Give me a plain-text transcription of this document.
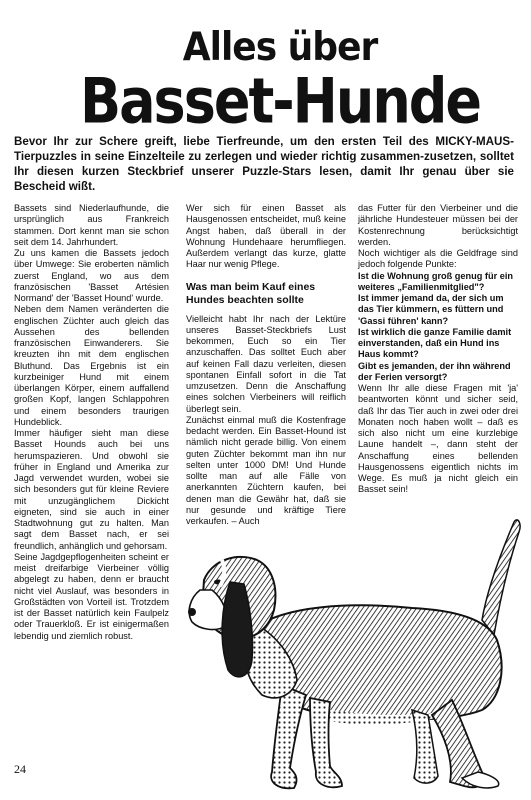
Alles über
Basset-Hunde
Bevor Ihr zur Schere greift, liebe Tierfreunde, um den ersten Teil des MICKY-MAUS-Tierpuzzles in seine Einzelteile zu zerlegen und wieder richtig zusammen-zusetzen, solltet Ihr diesen kurzen Steckbrief unserer Puzzle-Stars lesen, damit Ihr genau über sie Bescheid wißt.

Bassets sind Niederlaufhunde, die ursprünglich aus Frankreich stammen. Dort kennt man sie schon seit dem 14. Jahrhundert.

Zu uns kamen die Bassets jedoch über Umwege: Sie eroberten nämlich zuerst England, wo aus dem französischen 'Basset Artésien Normand' der 'Basset Hound' wurde.

Neben dem Namen veränderten die englischen Züchter auch gleich das Aussehen des bellenden französischen Einwanderers. Sie kreuzten ihn mit dem englischen Bluthund. Das Ergebnis ist ein kurzbeiniger Hund mit einem überlangen Körper, einem auffallend großen Kopf, langen Schlappohren und einem besonders traurigen Hundeblick.

Immer häufiger sieht man diese Basset Hounds auch bei uns herumspazieren. Und obwohl sie früher in England und Amerika zur Jagd verwendet wurden, wobei sie sich besonders gut für kleine Reviere mit unzugänglichem Dickicht eigneten, sind sie auch in einer Stadtwohnung gut zu halten. Man sagt dem Basset nach, er sei freundlich, anhänglich und gehorsam.

Seine Jagdgepflogenheiten scheint er meist dreifarbige Vierbeiner völlig abgelegt zu haben, denn er braucht nicht viel Auslauf, was besonders in Großstädten von Vorteil ist. Trotzdem ist der Basset natürlich kein Faulpelz oder Trauerkloß. Er ist einigermaßen lebendig und ziemlich robust.

Wer sich für einen Basset als Hausgenossen entscheidet, muß keine Angst haben, daß überall in der Wohnung Hundehaare herumfliegen. Außerdem verlangt das kurze, glatte Haar nur wenig Pflege.

Was man beim Kauf eines Hundes beachten sollte

Vielleicht habt Ihr nach der Lektüre unseres Basset-Steckbriefs Lust bekommen, Euch so ein Tier anzuschaffen. Das solltet Euch aber auf keinen Fall dazu verleiten, diesen spontanen Einfall sofort in die Tat umzusetzen. Denn die Anschaffung eines solchen Vierbeiners will reiflich überlegt sein.

Zunächst einmal muß die Kostenfrage bedacht werden. Ein Basset-Hound ist nämlich nicht gerade billig. Von einem guten Züchter bekommt man ihn nur selten unter 1000 DM! Und Hunde sollte man auf alle Fälle von anerkannten Züchtern kaufen, bei denen man die Gewähr hat, daß sie nur gesunde und kräftige Tiere verkaufen. – Auch

das Futter für den Vierbeiner und die jährliche Hundesteuer müssen bei der Kostenrechnung berücksichtigt werden.

Noch wichtiger als die Geldfrage sind jedoch folgende Punkte:

Ist die Wohnung groß genug für ein weiteres „Familienmitglied"?

Ist immer jemand da, der sich um das Tier kümmern, es füttern und 'Gassi führen' kann?

Ist wirklich die ganze Familie damit einverstanden, daß ein Hund ins Haus kommt?

Gibt es jemanden, der ihn während der Ferien versorgt?

Wenn Ihr alle diese Fragen mit 'ja' beantworten könnt und sicher seid, daß Ihr das Tier auch in zwei oder drei Monaten noch haben wollt – daß es sich also nicht um eine kurzlebige Laune handelt –, dann steht der Anschaffung eines bellenden Hausgenossens eigentlich nichts im Wege. Es muß ja nicht gleich ein Basset sein!

24
